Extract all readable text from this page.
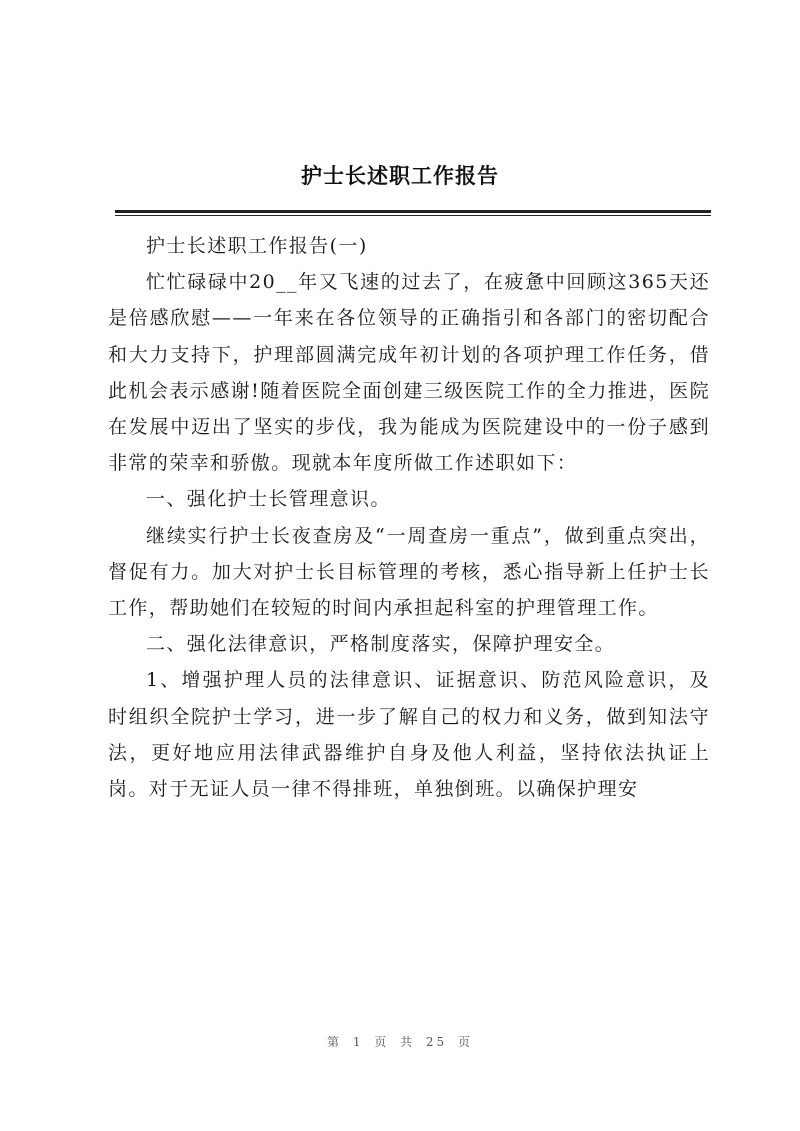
护士长述职工作报告

护士长述职工作报告(一)

忙忙碌碌中20__年又飞速的过去了，在疲惫中回顾这365天还是倍感欣慰——一年来在各位领导的正确指引和各部门的密切配合和大力支持下，护理部圆满完成年初计划的各项护理工作任务，借此机会表示感谢!随着医院全面创建三级医院工作的全力推进，医院在发展中迈出了坚实的步伐，我为能成为医院建设中的一份子感到非常的荣幸和骄傲。现就本年度所做工作述职如下：

一、强化护士长管理意识。

继续实行护士长夜查房及“一周查房一重点”，做到重点突出，督促有力。加大对护士长目标管理的考核，悉心指导新上任护士长工作，帮助她们在较短的时间内承担起科室的护理管理工作。

二、强化法律意识，严格制度落实，保障护理安全。

1、增强护理人员的法律意识、证据意识、防范风险意识，及时组织全院护士学习，进一步了解自己的权力和义务，做到知法守法，更好地应用法律武器维护自身及他人利益，坚持依法执证上岗。对于无证人员一律不得排班，单独倒班。以确保护理安

第 1 页 共 25 页
